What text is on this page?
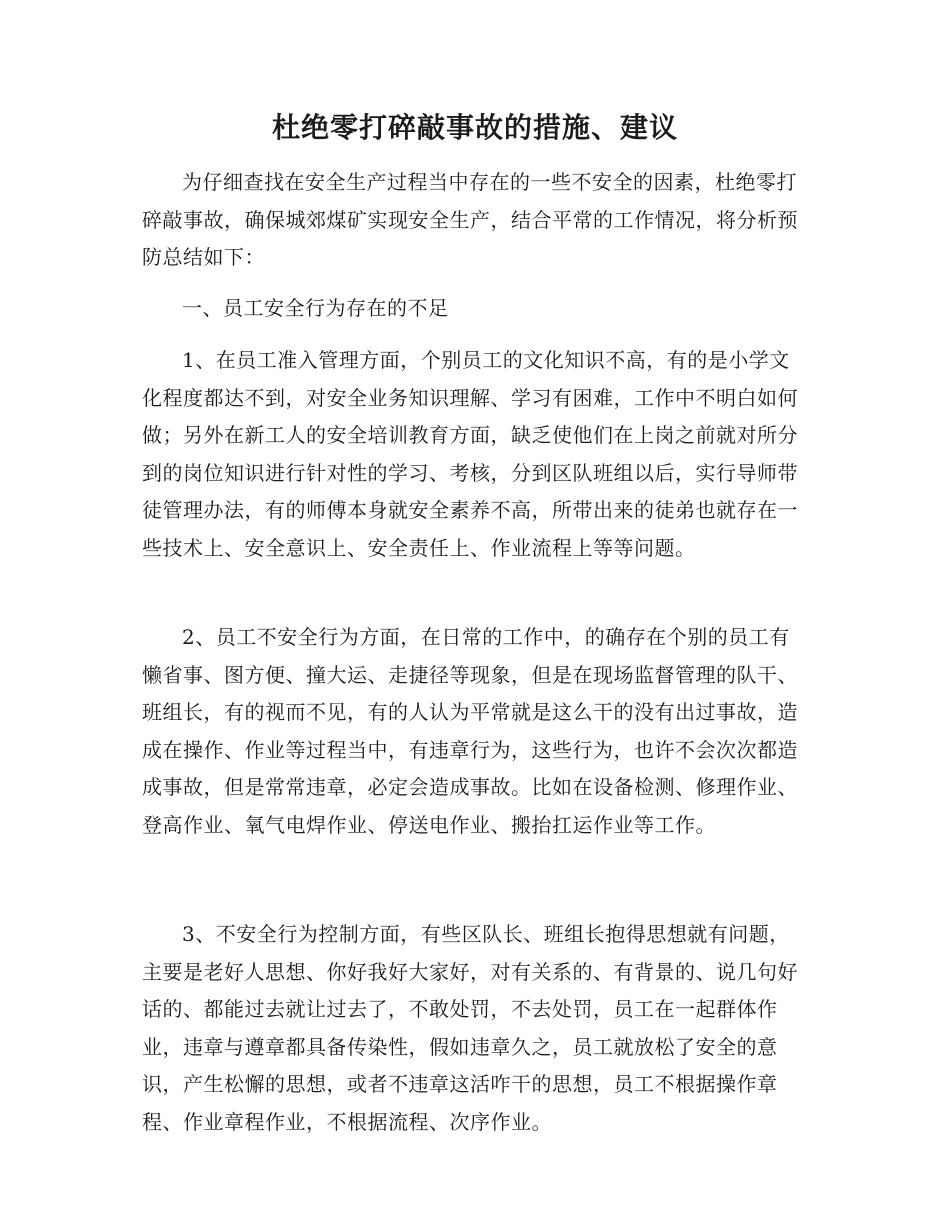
杜绝零打碎敲事故的措施、建议

为仔细查找在安全生产过程当中存在的一些不安全的因素，杜绝零打碎敲事故，确保城郊煤矿实现安全生产，结合平常的工作情况，将分析预防总结如下：

一、员工安全行为存在的不足

1、在员工准入管理方面，个别员工的文化知识不高，有的是小学文化程度都达不到，对安全业务知识理解、学习有困难，工作中不明白如何做；另外在新工人的安全培训教育方面，缺乏使他们在上岗之前就对所分到的岗位知识进行针对性的学习、考核，分到区队班组以后，实行导师带徒管理办法，有的师傅本身就安全素养不高，所带出来的徒弟也就存在一些技术上、安全意识上、安全责任上、作业流程上等等问题。

2、员工不安全行为方面，在日常的工作中，的确存在个别的员工有懒省事、图方便、撞大运、走捷径等现象，但是在现场监督管理的队干、班组长，有的视而不见，有的人认为平常就是这么干的没有出过事故，造成在操作、作业等过程当中，有违章行为，这些行为，也许不会次次都造成事故，但是常常违章，必定会造成事故。比如在设备检测、修理作业、登高作业、氧气电焊作业、停送电作业、搬抬扛运作业等工作。

3、不安全行为控制方面，有些区队长、班组长抱得思想就有问题，主要是老好人思想、你好我好大家好，对有关系的、有背景的、说几句好话的、都能过去就让过去了，不敢处罚，不去处罚，员工在一起群体作业，违章与遵章都具备传染性，假如违章久之，员工就放松了安全的意识，产生松懈的思想，或者不违章这活咋干的思想，员工不根据操作章程、作业章程作业，不根据流程、次序作业。
